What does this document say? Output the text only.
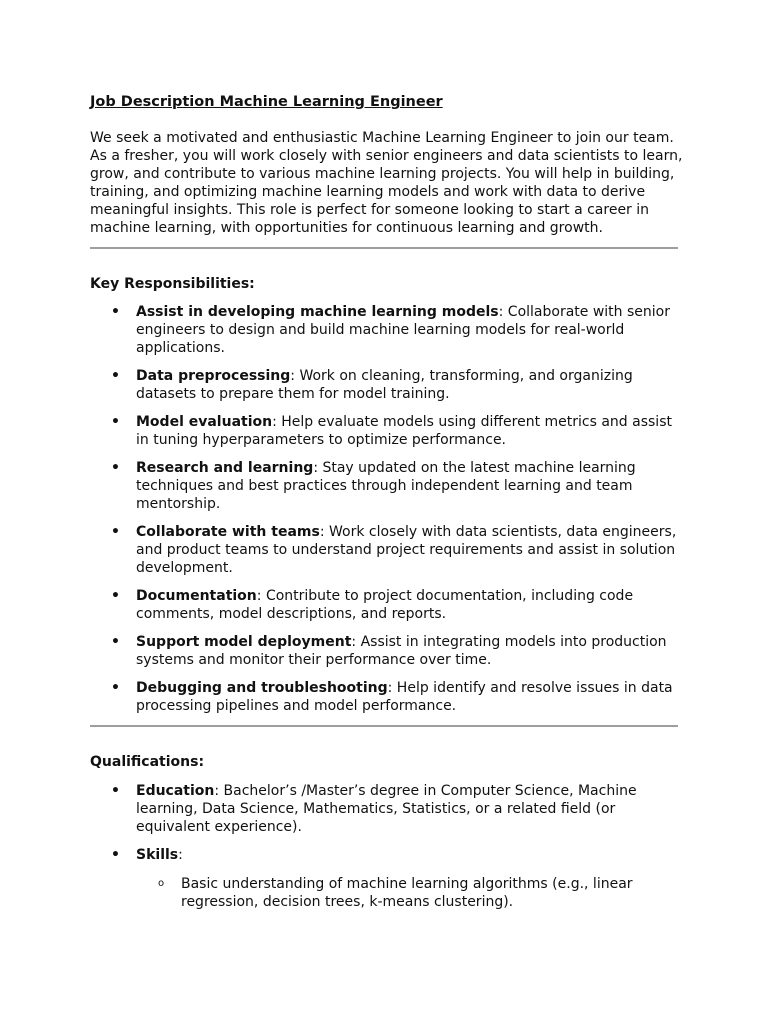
Job Description Machine Learning Engineer

We seek a motivated and enthusiastic Machine Learning Engineer to join our team. As a fresher, you will work closely with senior engineers and data scientists to learn, grow, and contribute to various machine learning projects. You will help in building, training, and optimizing machine learning models and work with data to derive meaningful insights. This role is perfect for someone looking to start a career in machine learning, with opportunities for continuous learning and growth.

Key Responsibilities:

• Assist in developing machine learning models: Collaborate with senior engineers to design and build machine learning models for real-world applications.
• Data preprocessing: Work on cleaning, transforming, and organizing datasets to prepare them for model training.
• Model evaluation: Help evaluate models using different metrics and assist in tuning hyperparameters to optimize performance.
• Research and learning: Stay updated on the latest machine learning techniques and best practices through independent learning and team mentorship.
• Collaborate with teams: Work closely with data scientists, data engineers, and product teams to understand project requirements and assist in solution development.
• Documentation: Contribute to project documentation, including code comments, model descriptions, and reports.
• Support model deployment: Assist in integrating models into production systems and monitor their performance over time.
• Debugging and troubleshooting: Help identify and resolve issues in data processing pipelines and model performance.

Qualifications:

• Education: Bachelor’s /Master’s degree in Computer Science, Machine learning, Data Science, Mathematics, Statistics, or a related field (or equivalent experience).
• Skills:
o Basic understanding of machine learning algorithms (e.g., linear regression, decision trees, k-means clustering).
